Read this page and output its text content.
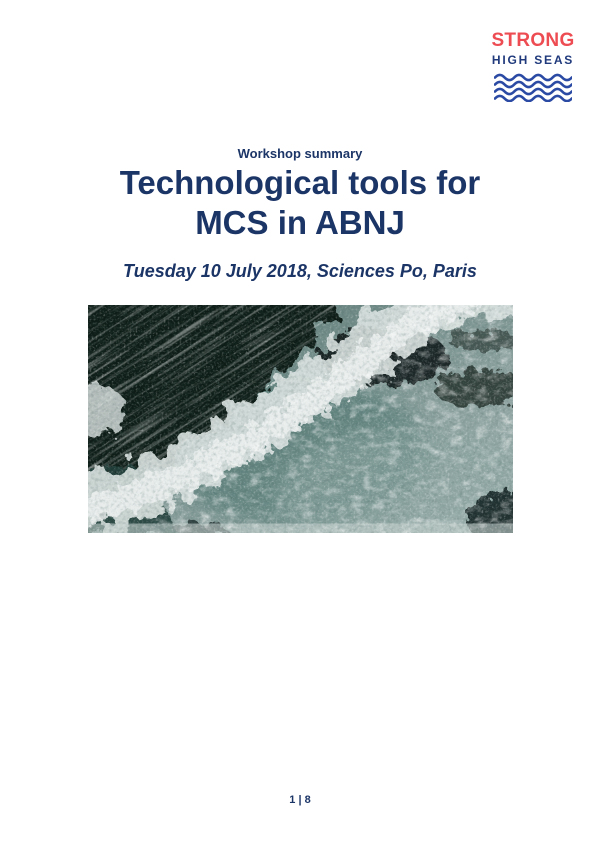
STRONG
HIGH SEAS
Workshop summary
Technological tools for
MCS in ABNJ
Tuesday 10 July 2018, Sciences Po, Paris
1 | 8
